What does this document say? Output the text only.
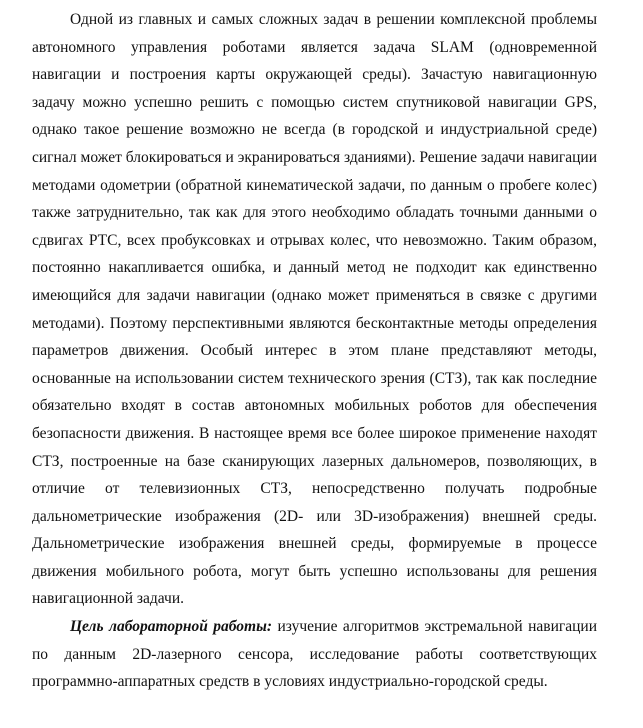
Одной из главных и самых сложных задач в решении комплексной проблемы автономного управления роботами является задача SLAM (одновременной навигации и построения карты окружающей среды). Зачастую навигационную задачу можно успешно решить с помощью систем спутниковой навигации GPS, однако такое решение возможно не всегда (в городской и индустриальной среде) сигнал может блокироваться и экранироваться зданиями). Решение задачи навигации методами одометрии (обратной кинематической задачи, по данным о пробеге колес) также затруднительно, так как для этого необходимо обладать точными данными о сдвигах РТС, всех пробуксовках и отрывах колес, что невозможно. Таким образом, постоянно накапливается ошибка, и данный метод не подходит как единственно имеющийся для задачи навигации (однако может применяться в связке с другими методами). Поэтому перспективными являются бесконтактные методы определения параметров движения. Особый интерес в этом плане представляют методы, основанные на использовании систем технического зрения (СТЗ), так как последние обязательно входят в состав автономных мобильных роботов для обеспечения безопасности движения. В настоящее время все более широкое применение находят СТЗ, построенные на базе сканирующих лазерных дальномеров, позволяющих, в отличие от телевизионных СТЗ, непосредственно получать подробные дальнометрические изображения (2D- или 3D-изображения) внешней среды. Дальнометрические изображения внешней среды, формируемые в процессе движения мобильного робота, могут быть успешно использованы для решения навигационной задачи.

Цель лабораторной работы: изучение алгоритмов экстремальной навигации по данным 2D-лазерного сенсора, исследование работы соответствующих программно-аппаратных средств в условиях индустриально-городской среды.
